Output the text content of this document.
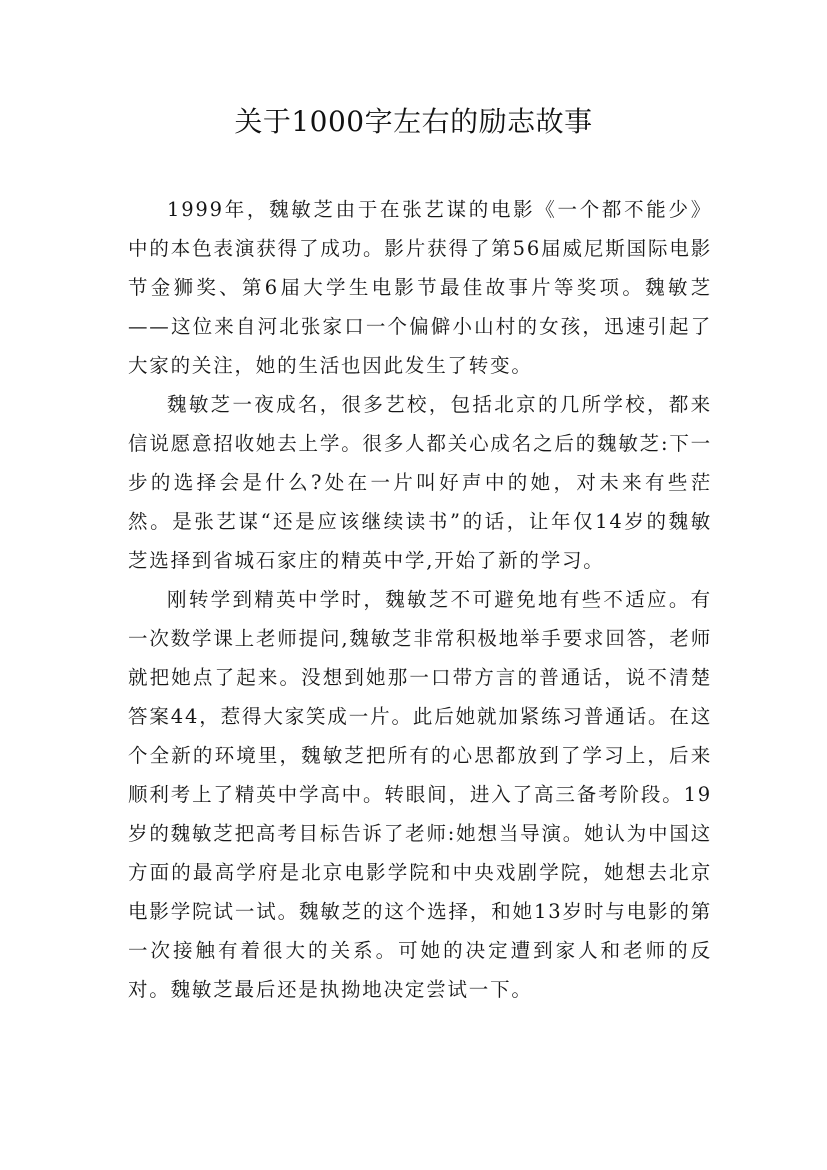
关于1000字左右的励志故事

1999年，魏敏芝由于在张艺谋的电影《一个都不能少》中的本色表演获得了成功。影片获得了第56届威尼斯国际电影节金狮奖、第6届大学生电影节最佳故事片等奖项。魏敏芝——这位来自河北张家口一个偏僻小山村的女孩，迅速引起了大家的关注，她的生活也因此发生了转变。

魏敏芝一夜成名，很多艺校，包括北京的几所学校，都来信说愿意招收她去上学。很多人都关心成名之后的魏敏芝:下一步的选择会是什么?处在一片叫好声中的她，对未来有些茫然。是张艺谋“还是应该继续读书”的话，让年仅14岁的魏敏芝选择到省城石家庄的精英中学,开始了新的学习。

刚转学到精英中学时，魏敏芝不可避免地有些不适应。有一次数学课上老师提问,魏敏芝非常积极地举手要求回答，老师就把她点了起来。没想到她那一口带方言的普通话，说不清楚答案44，惹得大家笑成一片。此后她就加紧练习普通话。在这个全新的环境里，魏敏芝把所有的心思都放到了学习上，后来顺利考上了精英中学高中。转眼间，进入了高三备考阶段。19岁的魏敏芝把高考目标告诉了老师:她想当导演。她认为中国这方面的最高学府是北京电影学院和中央戏剧学院，她想去北京电影学院试一试。魏敏芝的这个选择，和她13岁时与电影的第一次接触有着很大的关系。可她的决定遭到家人和老师的反对。魏敏芝最后还是执拗地决定尝试一下。
